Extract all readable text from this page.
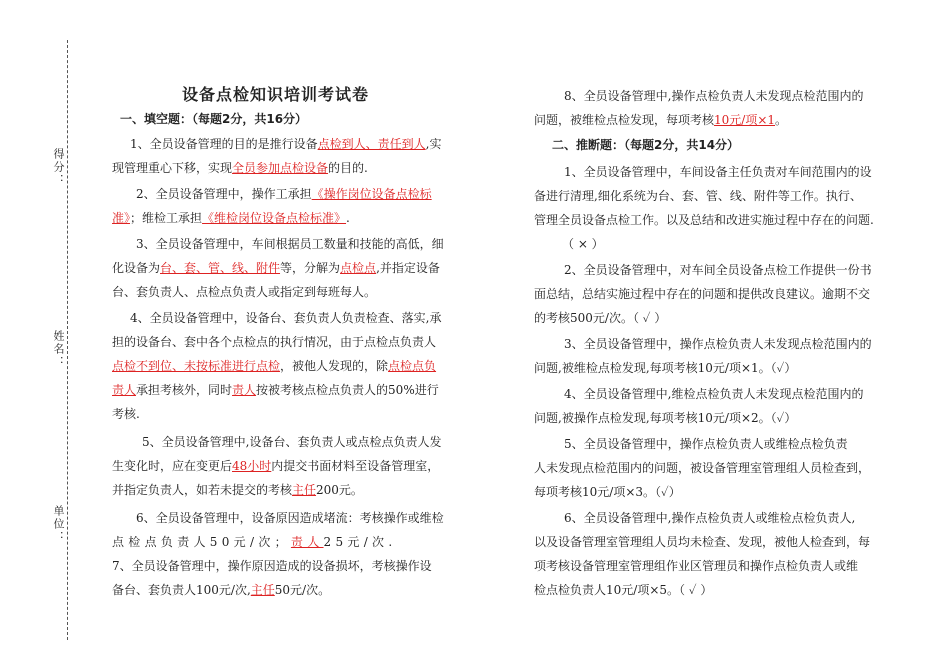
得分：
姓名：
单位：
设备点检知识培训考试卷
一、填空题：（每题2分，共16分）
1、全员设备管理的目的是推行设备点检到人、责任到人,实
现管理重心下移，实现全员参加点检设备的目的.
2、全员设备管理中，操作工承担《操作岗位设备点检标
准》；维检工承担《维检岗位设备点检标准》.
3、全员设备管理中，车间根据员工数量和技能的高低，细
化设备为台、套、管、线、附件等，分解为点检点,并指定设备
台、套负责人、点检点负责人或指定到每班每人。
4、全员设备管理中，设备台、套负责人负责检查、落实,承
担的设备台、套中各个点检点的执行情况，由于点检点负责人
点检不到位、未按标准进行点检，被他人发现的，除点检点负
责人承担考核外，同时责人按被考核点检点负责人的50%进行
考核.
5、全员设备管理中,设备台、套负责人或点检点负责人发
生变化时，应在变更后48小时内提交书面材料至设备管理室，
并指定负责人，如若未提交的考核主任200元。
6、全员设备管理中，设备原因造成堵流：考核操作或维检
点检点负责人50元/次；责人25元/次.
7、全员设备管理中，操作原因造成的设备损坏，考核操作设
备台、套负责人100元/次,主任50元/次。
8、全员设备管理中,操作点检负责人未发现点检范围内的
问题，被维检点检发现，每项考核10元/项×1。
二、推断题：（每题2分，共14分）
1、全员设备管理中，车间设备主任负责对车间范围内的设
备进行清理,细化系统为台、套、管、线、附件等工作。执行、
管理全员设备点检工作。以及总结和改进实施过程中存在的问题.
（ × ）
2、全员设备管理中，对车间全员设备点检工作提供一份书
面总结，总结实施过程中存在的问题和提供改良建议。逾期不交
的考核500元/次。（ ✓ ）
3、全员设备管理中，操作点检负责人未发现点检范围内的
问题,被维检点检发现,每项考核10元/项×1。（✓）
4、全员设备管理中,维检点检负责人未发现点检范围内的
问题,被操作点检发现,每项考核10元/项×2。（✓）
5、全员设备管理中，操作点检负责人或维检点检负责
人未发现点检范围内的问题，被设备管理室管理组人员检查到，
每项考核10元/项×3。（✓）
6、全员设备管理中,操作点检负责人或维检点检负责人,
以及设备管理室管理组人员均未检查、发现，被他人检查到，每
项考核设备管理室管理组作业区管理员和操作点检负责人或维
检点检负责人10元/项×5。（ ✓ ）
